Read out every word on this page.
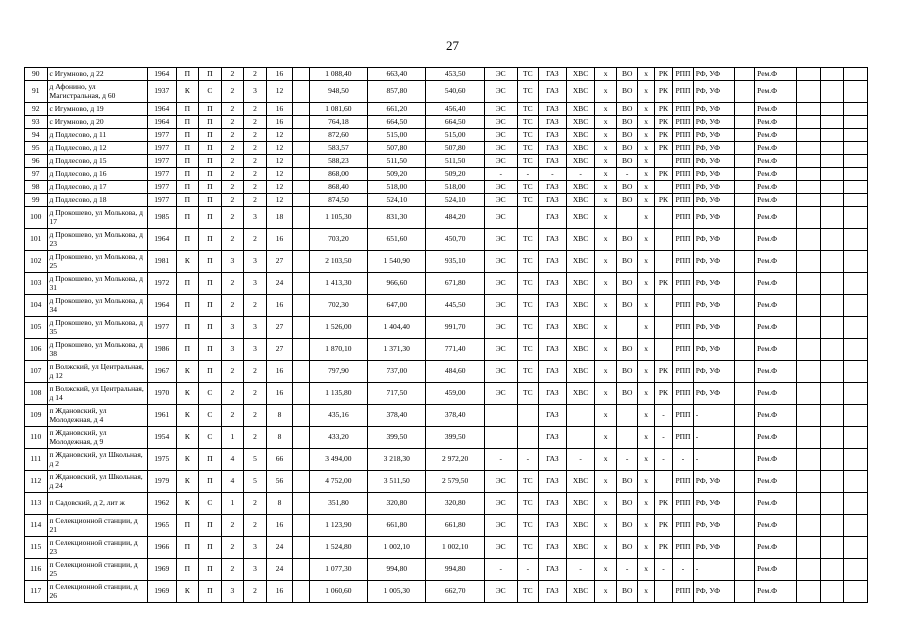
27
90	с Игумново, д 22	1964	П	П	2	2	16		1 088,40	663,40	453,50	ЭС	ТС	ГАЗ	ХВС	х	ВО	х	РК	РПП	РФ, УФ		Рем.Ф			
91	д Афонино, ул Магистральная, д 60	1937	К	С	2	3	12		948,50	857,80	540,60	ЭС	ТС	ГАЗ	ХВС	х	ВО	х	РК	РПП	РФ, УФ		Рем.Ф			
92	с Игумново, д 19	1964	П	П	2	2	16		1 081,60	661,20	456,40	ЭС	ТС	ГАЗ	ХВС	х	ВО	х	РК	РПП	РФ, УФ		Рем.Ф			
93	с Игумново, д 20	1964	П	П	2	2	16		764,18	664,50	664,50	ЭС	ТС	ГАЗ	ХВС	х	ВО	х	РК	РПП	РФ, УФ		Рем.Ф			
94	д Подлесово, д 11	1977	П	П	2	2	12		872,60	515,00	515,00	ЭС	ТС	ГАЗ	ХВС	х	ВО	х	РК	РПП	РФ, УФ		Рем.Ф			
95	д Подлесово, д 12	1977	П	П	2	2	12		583,57	507,80	507,80	ЭС	ТС	ГАЗ	ХВС	х	ВО	х	РК	РПП	РФ, УФ		Рем.Ф			
96	д Подлесово, д 15	1977	П	П	2	2	12		588,23	511,50	511,50	ЭС	ТС	ГАЗ	ХВС	х	ВО	х		РПП	РФ, УФ		Рем.Ф			
97	д Подлесово, д 16	1977	П	П	2	2	12		868,00	509,20	509,20	-	-	-	-	х	-	х	РК	РПП	РФ, УФ		Рем.Ф			
98	д Подлесово, д 17	1977	П	П	2	2	12		868,40	518,00	518,00	ЭС	ТС	ГАЗ	ХВС	х	ВО	х		РПП	РФ, УФ		Рем.Ф			
99	д Подлесово, д 18	1977	П	П	2	2	12		874,50	524,10	524,10	ЭС	ТС	ГАЗ	ХВС	х	ВО	х	РК	РПП	РФ, УФ		Рем.Ф			
100	д Прокошево, ул Молькова, д 17	1985	П	П	2	3	18		1 105,30	831,30	484,20	ЭС		ГАЗ	ХВС	х		х		РПП	РФ, УФ		Рем.Ф			
101	д Прокошево, ул Молькова, д 23	1964	П	П	2	2	16		703,20	651,60	450,70	ЭС	ТС	ГАЗ	ХВС	х	ВО	х		РПП	РФ, УФ		Рем.Ф			
102	д Прокошево, ул Молькова, д 25	1981	К	П	3	3	27		2 103,50	1 540,90	935,10	ЭС	ТС	ГАЗ	ХВС	х	ВО	х		РПП	РФ, УФ		Рем.Ф			
103	д Прокошево, ул Молькова, д 31	1972	П	П	2	3	24		1 413,30	966,60	671,80	ЭС	ТС	ГАЗ	ХВС	х	ВО	х	РК	РПП	РФ, УФ		Рем.Ф			
104	д Прокошево, ул Молькова, д 34	1964	П	П	2	2	16		702,30	647,00	445,50	ЭС	ТС	ГАЗ	ХВС	х	ВО	х		РПП	РФ, УФ		Рем.Ф			
105	д Прокошево, ул Молькова, д 35	1977	П	П	3	3	27		1 526,00	1 404,40	991,70	ЭС	ТС	ГАЗ	ХВС	х		х		РПП	РФ, УФ		Рем.Ф			
106	д Прокошево, ул Молькова, д 38	1986	П	П	3	3	27		1 870,10	1 371,30	771,40	ЭС	ТС	ГАЗ	ХВС	х	ВО	х		РПП	РФ, УФ		Рем.Ф			
107	п Волжский, ул Центральная, д 12	1967	К	П	2	2	16		797,90	737,00	484,60	ЭС	ТС	ГАЗ	ХВС	х	ВО	х	РК	РПП	РФ, УФ		Рем.Ф			
108	п Волжский, ул Центральная, д 14	1970	К	С	2	2	16		1 135,80	717,50	459,00	ЭС	ТС	ГАЗ	ХВС	х	ВО	х	РК	РПП	РФ, УФ		Рем.Ф			
109	п Ждановский, ул Молодежная, д 4	1961	К	С	2	2	8		435,16	378,40	378,40			ГАЗ		х		х	-	РПП	-		Рем.Ф			
110	п Ждановский, ул Молодежная, д 9	1954	К	С	1	2	8		433,20	399,50	399,50			ГАЗ		х		х	-	РПП	-		Рем.Ф			
111	п Ждановский, ул Школьная, д 2	1975	К	П	4	5	66		3 494,00	3 218,30	2 972,20	-	-	ГАЗ	-	х	-	х	-	-	-		Рем.Ф			
112	п Ждановский, ул Школьная, д 24	1979	К	П	4	5	56		4 752,00	3 511,50	2 579,50	ЭС	ТС	ГАЗ	ХВС	х	ВО	х		РПП	РФ, УФ		Рем.Ф			
113	п Садовский, д 2, лит ж	1962	К	С	1	2	8		351,80	320,80	320,80	ЭС	ТС	ГАЗ	ХВС	х	ВО	х	РК	РПП	РФ, УФ		Рем.Ф			
114	п Селекционной станции, д 21	1965	П	П	2	2	16		1 123,90	661,80	661,80	ЭС	ТС	ГАЗ	ХВС	х	ВО	х	РК	РПП	РФ, УФ		Рем.Ф			
115	п Селекционной станции, д 23	1966	П	П	2	3	24		1 524,80	1 002,10	1 002,10	ЭС	ТС	ГАЗ	ХВС	х	ВО	х	РК	РПП	РФ, УФ		Рем.Ф			
116	п Селекционной станции, д 25	1969	П	П	2	3	24		1 077,30	994,80	994,80	-	-	ГАЗ	-	х	-	х	-	-	-		Рем.Ф			
117	п Селекционной станции, д 26	1969	К	П	3	2	16		1 060,60	1 005,30	662,70	ЭС	ТС	ГАЗ	ХВС	х	ВО	х		РПП	РФ, УФ		Рем.Ф			
